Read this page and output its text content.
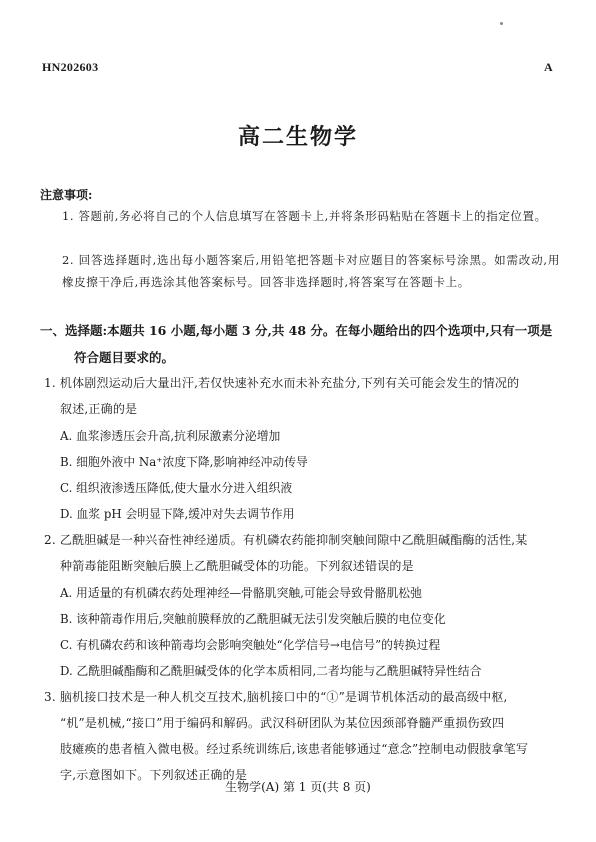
HN202603	A
高二生物学
注意事项:
1. 答题前,务必将自己的个人信息填写在答题卡上,并将条形码粘贴在答题卡上的指定位置。
2. 回答选择题时,选出每小题答案后,用铅笔把答题卡对应题目的答案标号涂黑。如需改动,用橡皮擦干净后,再选涂其他答案标号。回答非选择题时,将答案写在答题卡上。
一、选择题:本题共 16 小题,每小题 3 分,共 48 分。在每小题给出的四个选项中,只有一项是
符合题目要求的。
1. 机体剧烈运动后大量出汗,若仅快速补充水而未补充盐分,下列有关可能会发生的情况的
叙述,正确的是
A. 血浆渗透压会升高,抗利尿激素分泌增加
B. 细胞外液中 Na⁺浓度下降,影响神经冲动传导
C. 组织液渗透压降低,使大量水分进入组织液
D. 血浆 pH 会明显下降,缓冲对失去调节作用
2. 乙酰胆碱是一种兴奋性神经递质。有机磷农药能抑制突触间隙中乙酰胆碱酯酶的活性,某
种箭毒能阻断突触后膜上乙酰胆碱受体的功能。下列叙述错误的是
A. 用适量的有机磷农药处理神经—骨骼肌突触,可能会导致骨骼肌松弛
B. 该种箭毒作用后,突触前膜释放的乙酰胆碱无法引发突触后膜的电位变化
C. 有机磷农药和该种箭毒均会影响突触处“化学信号→电信号”的转换过程
D. 乙酰胆碱酯酶和乙酰胆碱受体的化学本质相同,二者均能与乙酰胆碱特异性结合
3. 脑机接口技术是一种人机交互技术,脑机接口中的“①”是调节机体活动的最高级中枢,
“机”是机械,“接口”用于编码和解码。武汉科研团队为某位因颈部脊髓严重损伤致四
肢瘫痪的患者植入微电极。经过系统训练后,该患者能够通过“意念”控制电动假肢拿笔写
字,示意图如下。下列叙述正确的是
生物学(A) 第 1 页(共 8 页)
